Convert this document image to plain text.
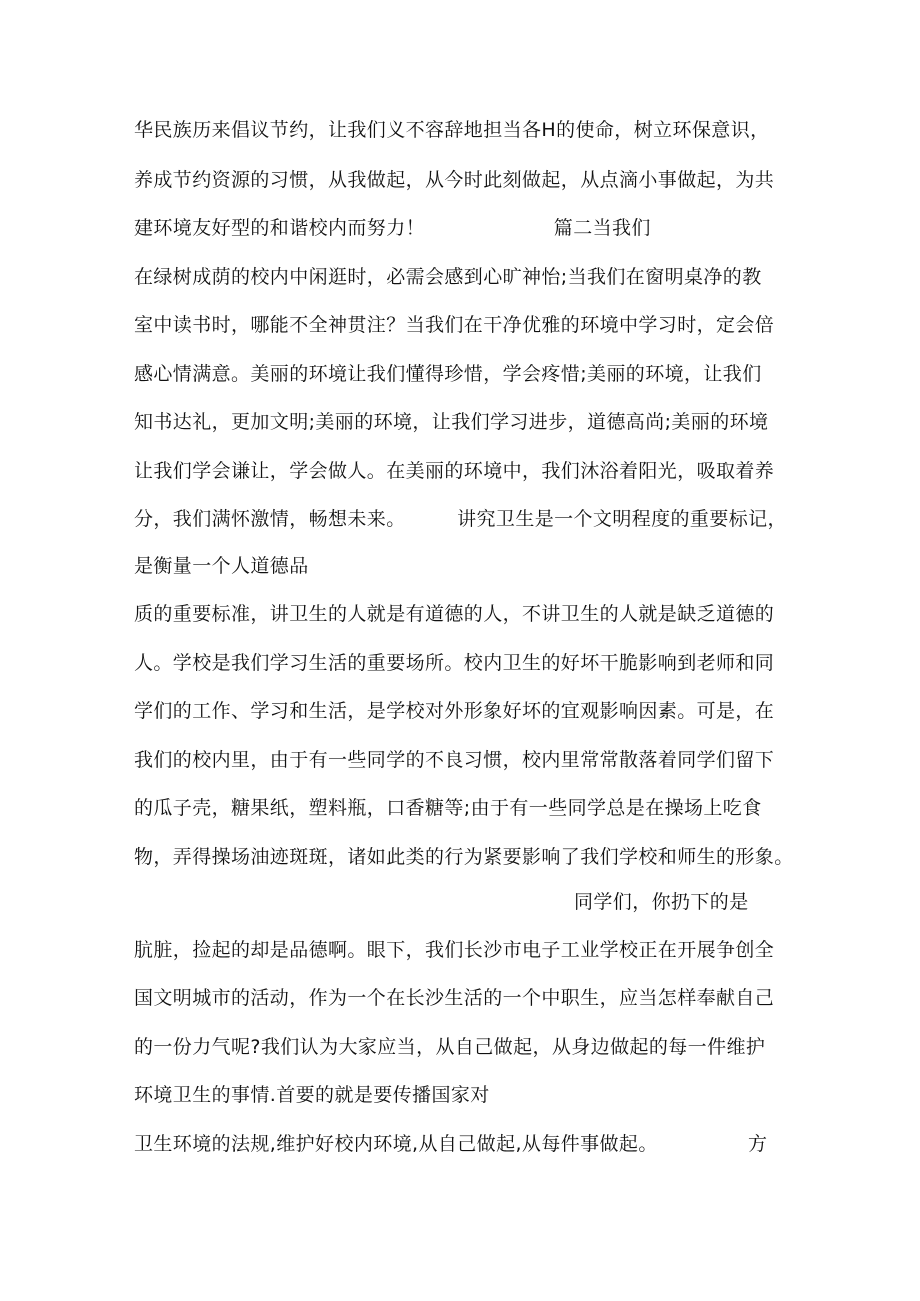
华民族历来倡议节约，让我们义不容辞地担当各H的使命，树立环保意识，
养成节约资源的习惯，从我做起，从今时此刻做起，从点滴小事做起，为共
建环境友好型的和谐校内而努力！                    篇二当我们
在绿树成荫的校内中闲逛时，必需会感到心旷神怡;当我们在窗明桌净的教
室中读书时，哪能不全神贯注？当我们在干净优雅的环境中学习时，定会倍
感心情满意。美丽的环境让我们懂得珍惜，学会疼惜;美丽的环境，让我们
知书达礼，更加文明;美丽的环境，让我们学习进步，道德高尚;美丽的环境
让我们学会谦让，学会做人。在美丽的环境中，我们沐浴着阳光，吸取着养
分，我们满怀激情，畅想未来。        讲究卫生是一个文明程度的重要标记，
是衡量一个人道德品
质的重要标准，讲卫生的人就是有道德的人，不讲卫生的人就是缺乏道德的
人。学校是我们学习生活的重要场所。校内卫生的好坏干脆影响到老师和同
学们的工作、学习和生活，是学校对外形象好坏的宜观影响因素。可是，在
我们的校内里，由于有一些同学的不良习惯，校内里常常散落着同学们留下
的瓜子壳，糖果纸，塑料瓶，口香糖等;由于有一些同学总是在操场上吃食
物，弄得操场油迹斑斑，诸如此类的行为紧要影响了我们学校和师生的形象。
同学们，你扔下的是
肮脏，捡起的却是品德啊。眼下，我们长沙市电子工业学校正在开展争创全
国文明城市的活动，作为一个在长沙生活的一个中职生，应当怎样奉献自己
的一份力气呢?我们认为大家应当，从自己做起，从身边做起的每一件维护
环境卫生的事情.首要的就是要传播国家对
卫生环境的法规,维护好校内环境,从自己做起,从每件事做起。	方
